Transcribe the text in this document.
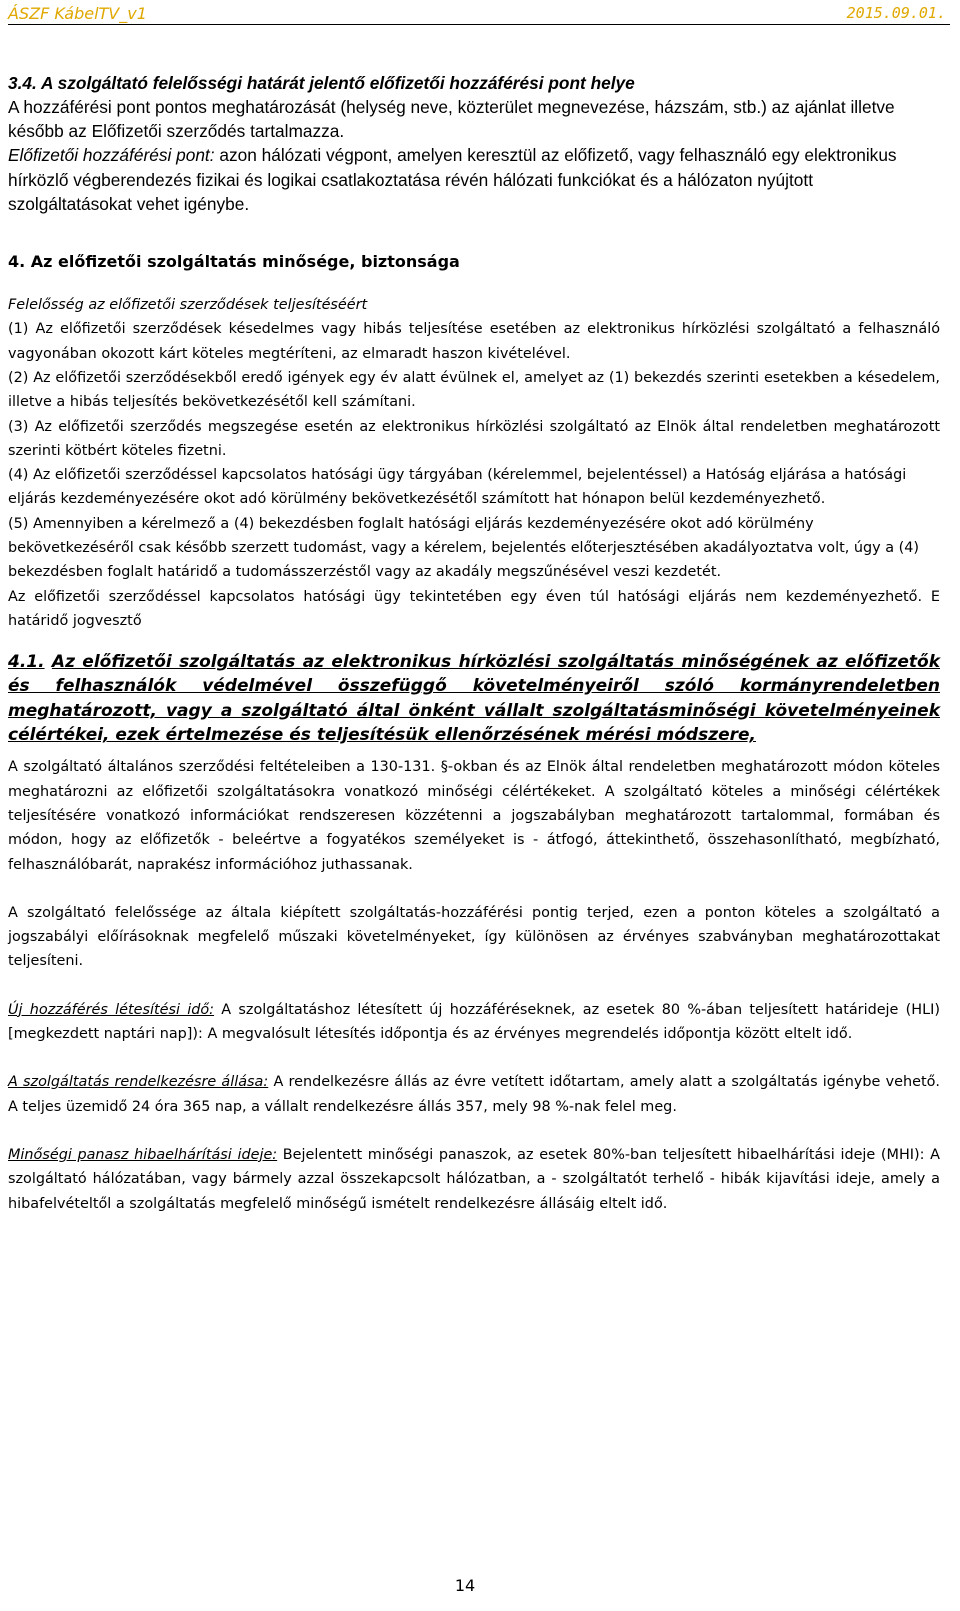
ÁSZF KábelTV_v1	2015.09.01.
3.4. A szolgáltató felelősségi határát jelentő előfizetői hozzáférési pont helye

A hozzáférési pont pontos meghatározását (helység neve, közterület megnevezése, házszám, stb.) az ajánlat illetve később az Előfizetői szerződés tartalmazza.

Előfizetői hozzáférési pont: azon hálózati végpont, amelyen keresztül az előfizető, vagy felhasználó egy elektronikus hírközlő végberendezés fizikai és logikai csatlakoztatása révén hálózati funkciókat és a hálózaton nyújtott szolgáltatásokat vehet igénybe.

4. Az előfizetői szolgáltatás minősége, biztonsága

Felelősség az előfizetői szerződések teljesítéséért

(1) Az előfizetői szerződések késedelmes vagy hibás teljesítése esetében az elektronikus hírközlési szolgáltató a felhasználó vagyonában okozott kárt köteles megtéríteni, az elmaradt haszon kivételével.

(2) Az előfizetői szerződésekből eredő igények egy év alatt évülnek el, amelyet az (1) bekezdés szerinti esetekben a késedelem, illetve a hibás teljesítés bekövetkezésétől kell számítani.

(3) Az előfizetői szerződés megszegése esetén az elektronikus hírközlési szolgáltató az Elnök által rendeletben meghatározott szerinti kötbért köteles fizetni.

(4) Az előfizetői szerződéssel kapcsolatos hatósági ügy tárgyában (kérelemmel, bejelentéssel) a Hatóság eljárása a hatósági eljárás kezdeményezésére okot adó körülmény bekövetkezésétől számított hat hónapon belül kezdeményezhető.

(5) Amennyiben a kérelmező a (4) bekezdésben foglalt hatósági eljárás kezdeményezésére okot adó körülmény bekövetkezéséről csak később szerzett tudomást, vagy a kérelem, bejelentés előterjesztésében akadályoztatva volt, úgy a (4) bekezdésben foglalt határidő a tudomásszerzéstől vagy az akadály megszűnésével veszi kezdetét.

Az előfizetői szerződéssel kapcsolatos hatósági ügy tekintetében egy éven túl hatósági eljárás nem kezdeményezhető. E határidő jogvesztő

4.1. Az előfizetői szolgáltatás az elektronikus hírközlési szolgáltatás minőségének az előfizetők és felhasználók védelmével összefüggő követelményeiről szóló kormányrendeletben meghatározott, vagy a szolgáltató által önként vállalt szolgáltatásminőségi követelményeinek célértékei, ezek értelmezése és teljesítésük ellenőrzésének mérési módszere,

A szolgáltató általános szerződési feltételeiben a 130-131. §-okban és az Elnök által rendeletben meghatározott módon köteles meghatározni az előfizetői szolgáltatásokra vonatkozó minőségi célértékeket. A szolgáltató köteles a minőségi célértékek teljesítésére vonatkozó információkat rendszeresen közzétenni a jogszabályban meghatározott tartalommal, formában és módon, hogy az előfizetők - beleértve a fogyatékos személyeket is - átfogó, áttekinthető, összehasonlítható, megbízható, felhasználóbarát, naprakész információhoz juthassanak.

A szolgáltató felelőssége az általa kiépített szolgáltatás-hozzáférési pontig terjed, ezen a ponton köteles a szolgáltató a jogszabályi előírásoknak megfelelő műszaki követelményeket, így különösen az érvényes szabványban meghatározottakat teljesíteni.

Új hozzáférés létesítési idő: A szolgáltatáshoz létesített új hozzáféréseknek, az esetek 80 %-ában teljesített határideje (HLI) [megkezdett naptári nap]): A megvalósult létesítés időpontja és az érvényes megrendelés időpontja között eltelt idő.

A szolgáltatás rendelkezésre állása: A rendelkezésre állás az évre vetített időtartam, amely alatt a szolgáltatás igénybe vehető. A teljes üzemidő 24 óra 365 nap, a vállalt rendelkezésre állás 357, mely 98 %-nak felel meg.

Minőségi panasz hibaelhárítási ideje: Bejelentett minőségi panaszok, az esetek 80%-ban teljesített hibaelhárítási ideje (MHI): A szolgáltató hálózatában, vagy bármely azzal összekapcsolt hálózatban, a - szolgáltatót terhelő - hibák kijavítási ideje, amely a hibafelvételtől a szolgáltatás megfelelő minőségű ismételt rendelkezésre állásáig eltelt idő.

14
